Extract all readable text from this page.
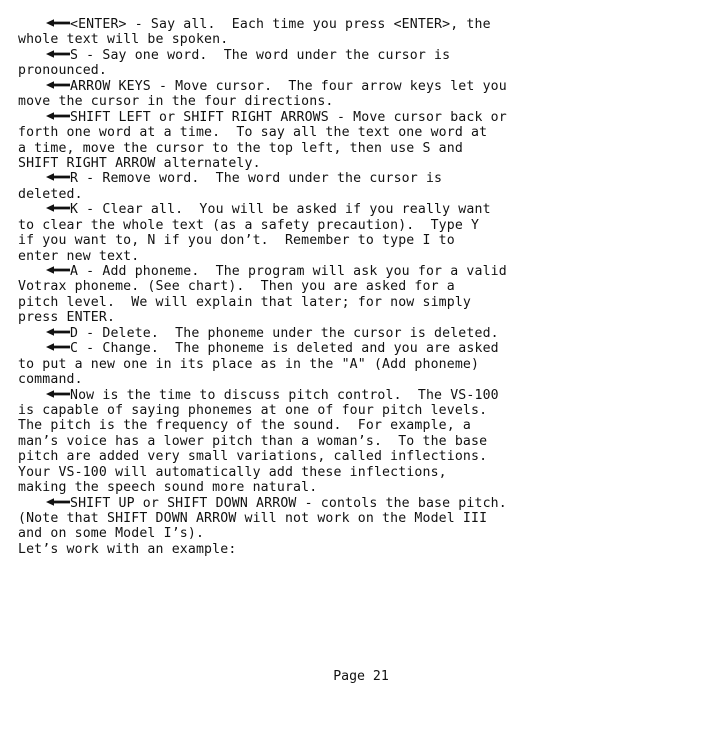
<ENTER> - Say all.  Each time you press <ENTER>, the
whole text will be spoken.
S - Say one word.  The word under the cursor is
pronounced.
ARROW KEYS - Move cursor.  The four arrow keys let you
move the cursor in the four directions.
SHIFT LEFT or SHIFT RIGHT ARROWS - Move cursor back or
forth one word at a time.  To say all the text one word at
a time, move the cursor to the top left, then use S and
SHIFT RIGHT ARROW alternately.
R - Remove word.  The word under the cursor is
deleted.
K - Clear all.  You will be asked if you really want
to clear the whole text (as a safety precaution).  Type Y
if you want to, N if you don’t.  Remember to type I to
enter new text.
A - Add phoneme.  The program will ask you for a valid
Votrax phoneme. (See chart).  Then you are asked for a
pitch level.  We will explain that later; for now simply
press ENTER.
D - Delete.  The phoneme under the cursor is deleted.
C - Change.  The phoneme is deleted and you are asked
to put a new one in its place as in the "A" (Add phoneme)
command.
Now is the time to discuss pitch control.  The VS-100
is capable of saying phonemes at one of four pitch levels.
The pitch is the frequency of the sound.  For example, a
man’s voice has a lower pitch than a woman’s.  To the base
pitch are added very small variations, called inflections.
Your VS-100 will automatically add these inflections,
making the speech sound more natural.
SHIFT UP or SHIFT DOWN ARROW - contols the base pitch.
(Note that SHIFT DOWN ARROW will not work on the Model III
and on some Model I’s).
Let’s work with an example:
Page 21
